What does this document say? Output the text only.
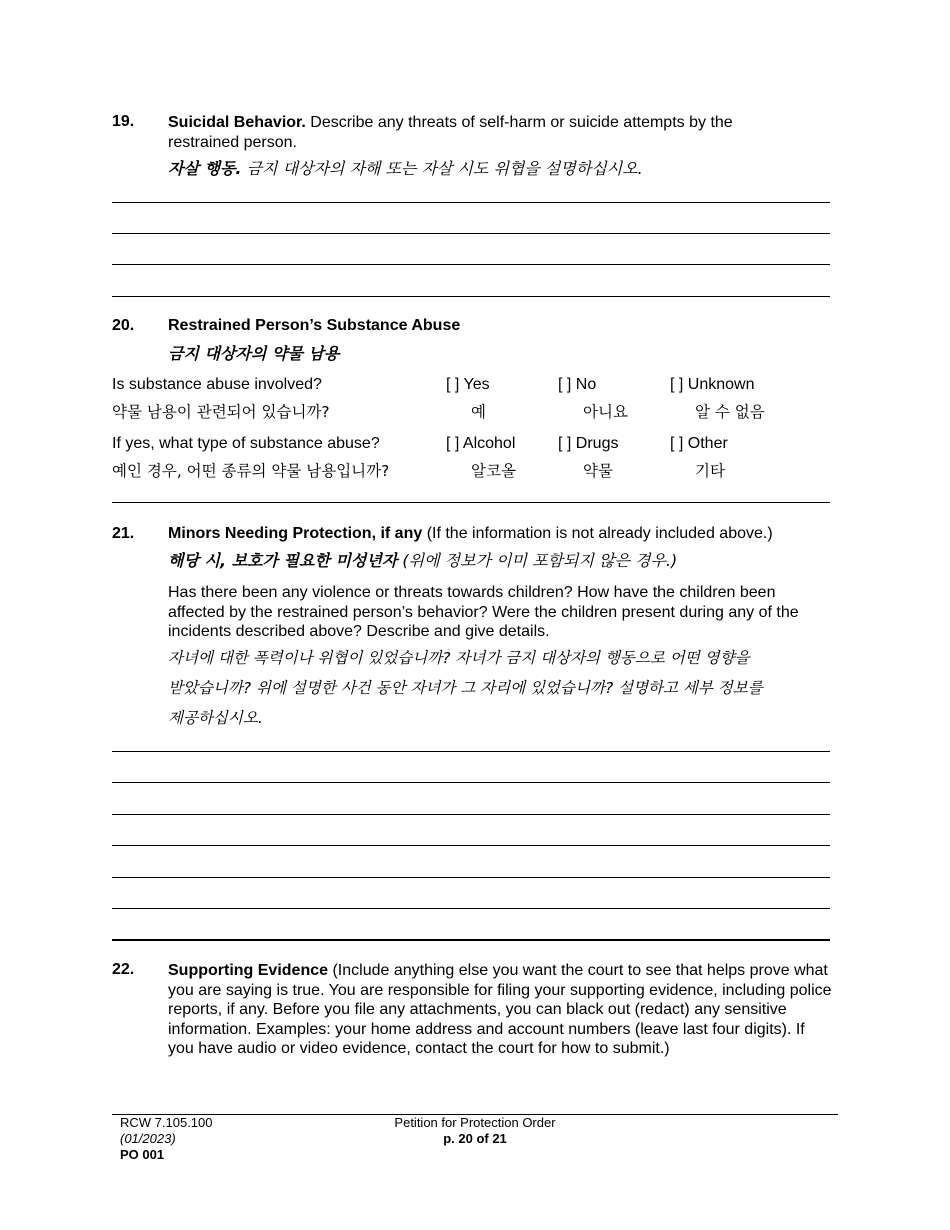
19. Suicidal Behavior. Describe any threats of self-harm or suicide attempts by the restrained person.
자살 행동. 금지 대상자의 자해 또는 자살 시도 위협을 설명하십시오.
20. Restrained Person’s Substance Abuse
금지 대상자의 약물 남용
Is substance abuse involved?
약물 남용이 관련되어 있습니까?
[ ] Yes
예
[ ] No
아니요
[ ] Unknown
알 수 없음
If yes, what type of substance abuse?
예인 경우, 어떤 종류의 약물 남용입니까?
[ ] Alcohol
알코올
[ ] Drugs
약물
[ ] Other
기타
21. Minors Needing Protection, if any (If the information is not already included above.)
해당 시, 보호가 필요한 미성년자 (위에 정보가 이미 포함되지 않은 경우.)
Has there been any violence or threats towards children? How have the children been affected by the restrained person’s behavior? Were the children present during any of the incidents described above? Describe and give details.
자녀에 대한 폭력이나 위협이 있었습니까? 자녀가 금지 대상자의 행동으로 어떤 영향을
받았습니까? 위에 설명한 사건 동안 자녀가 그 자리에 있었습니까? 설명하고 세부 정보를
제공하십시오.
22. Supporting Evidence (Include anything else you want the court to see that helps prove what you are saying is true. You are responsible for filing your supporting evidence, including police reports, if any. Before you file any attachments, you can black out (redact) any sensitive information. Examples: your home address and account numbers (leave last four digits). If you have audio or video evidence, contact the court for how to submit.)
RCW 7.105.100
(01/2023)
PO 001
Petition for Protection Order
p. 20 of 21
